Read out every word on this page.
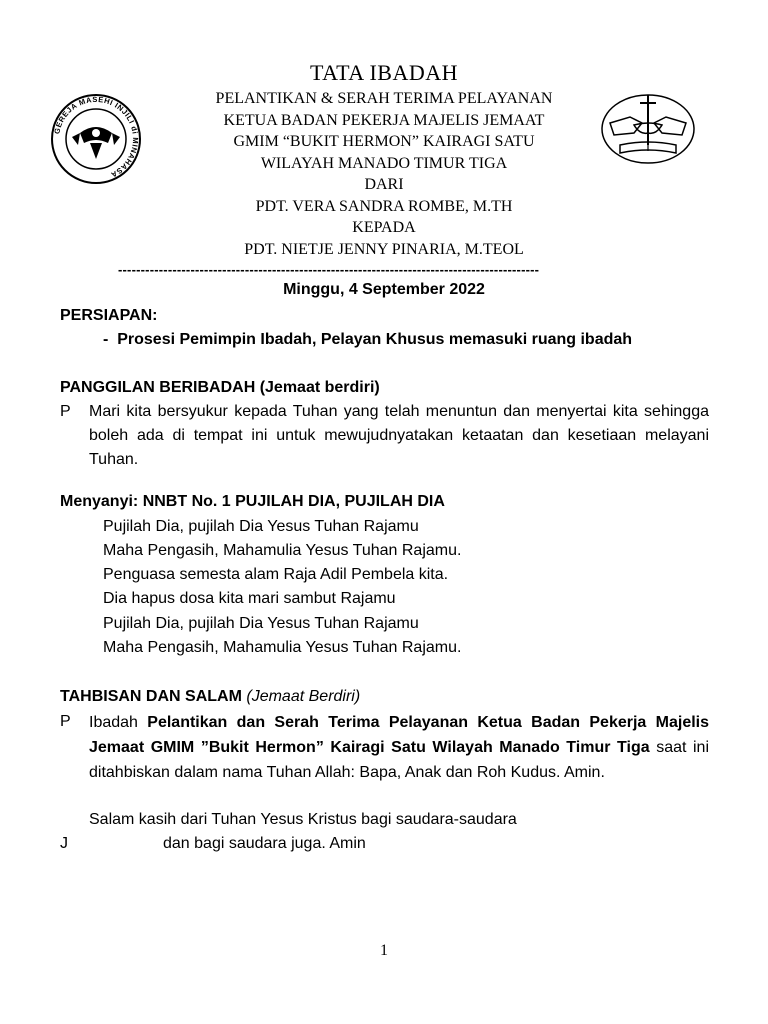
TATA IBADAH
GEREJA MASEHI INJILI di MINAHASA
PELANTIKAN & SERAH TERIMA PELAYANAN
KETUA BADAN PEKERJA MAJELIS JEMAAT
GMIM “BUKIT HERMON” KAIRAGI SATU
WILAYAH MANADO TIMUR TIGA
DARI
PDT. VERA SANDRA ROMBE, M.TH
KEPADA
PDT. NIETJE JENNY PINARIA, M.TEOL
---------------------------------------------------------------------------------------------
Minggu, 4 September 2022
PERSIAPAN:
- Prosesi Pemimpin Ibadah, Pelayan Khusus memasuki ruang ibadah
PANGGILAN BERIBADAH (Jemaat berdiri)
P Mari kita bersyukur kepada Tuhan yang telah menuntun dan menyertai kita sehingga boleh ada di tempat ini untuk mewujudnyatakan ketaatan dan kesetiaan melayani Tuhan.
Menyanyi: NNBT No. 1 PUJILAH DIA, PUJILAH DIA
Pujilah Dia, pujilah Dia Yesus Tuhan Rajamu
Maha Pengasih, Mahamulia Yesus Tuhan Rajamu.
Penguasa semesta alam Raja Adil Pembela kita.
Dia hapus dosa kita mari sambut Rajamu
Pujilah Dia, pujilah Dia Yesus Tuhan Rajamu
Maha Pengasih, Mahamulia Yesus Tuhan Rajamu.
TAHBISAN DAN SALAM (Jemaat Berdiri)
P Ibadah Pelantikan dan Serah Terima Pelayanan Ketua Badan Pekerja Majelis Jemaat GMIM ”Bukit Hermon” Kairagi Satu Wilayah Manado Timur Tiga saat ini ditahbiskan dalam nama Tuhan Allah: Bapa, Anak dan Roh Kudus. Amin.
Salam kasih dari Tuhan Yesus Kristus bagi saudara-saudara
J	dan bagi saudara juga. Amin
1
